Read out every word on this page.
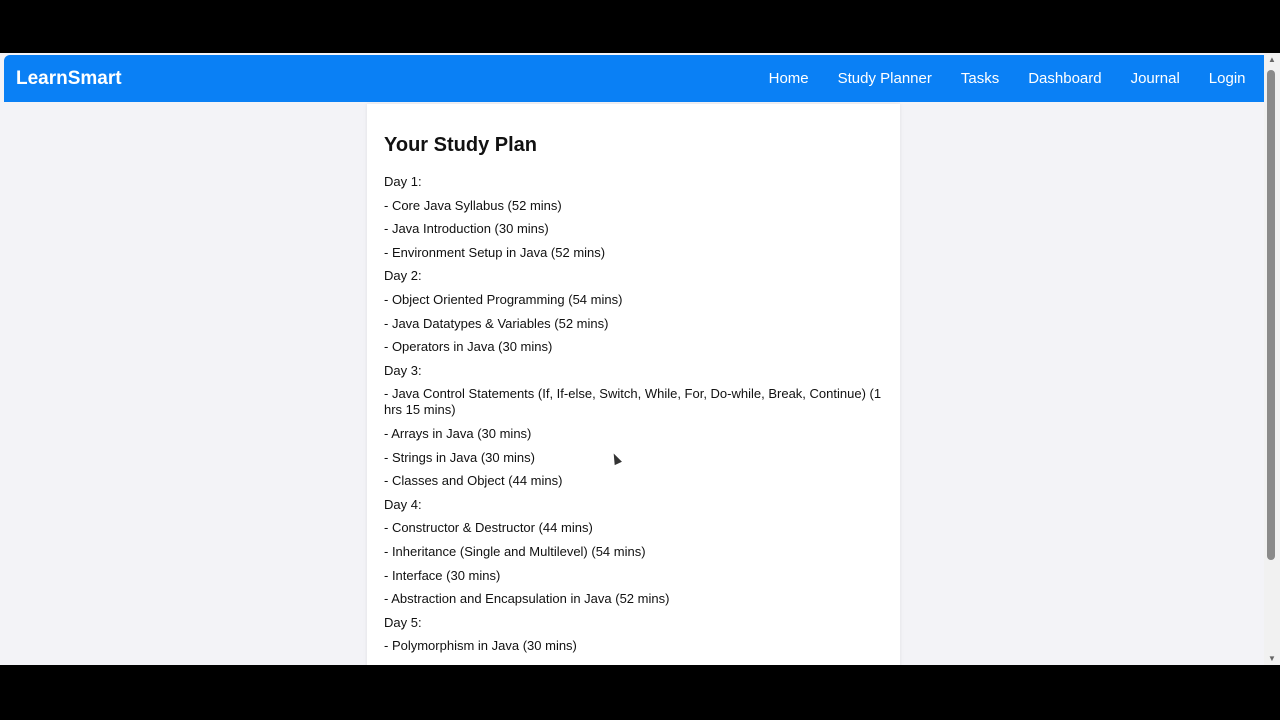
LearnSmart	Home Study Planner Tasks Dashboard Journal Login
Your Study Plan
Day 1:
- Core Java Syllabus (52 mins)
- Java Introduction (30 mins)
- Environment Setup in Java (52 mins)
Day 2:
- Object Oriented Programming (54 mins)
- Java Datatypes & Variables (52 mins)
- Operators in Java (30 mins)
Day 3:
- Java Control Statements (If, If-else, Switch, While, For, Do-while, Break, Continue) (1 hrs 15 mins)
- Arrays in Java (30 mins)
- Strings in Java (30 mins)
- Classes and Object (44 mins)
Day 4:
- Constructor & Destructor (44 mins)
- Inheritance (Single and Multilevel) (54 mins)
- Interface (30 mins)
- Abstraction and Encapsulation in Java (52 mins)
Day 5:
- Polymorphism in Java (30 mins)
▲
▼
